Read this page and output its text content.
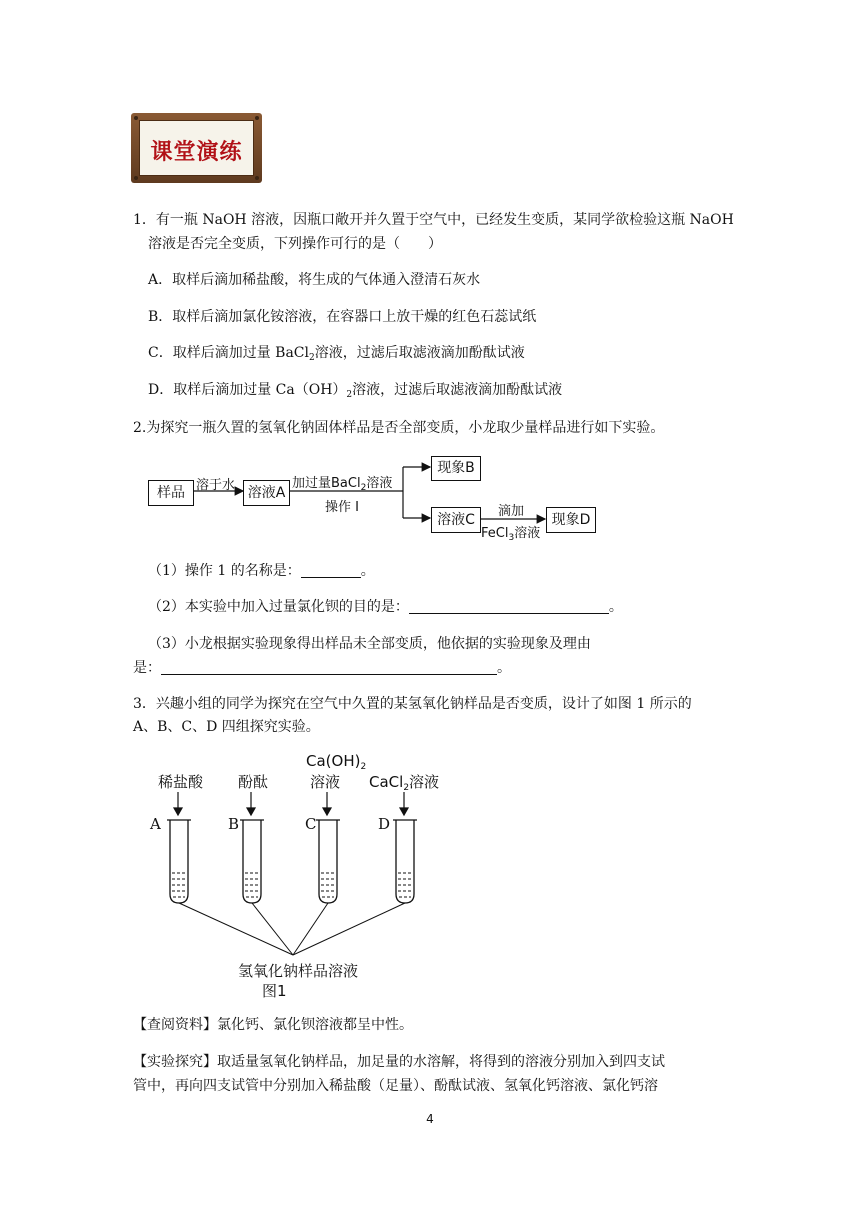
课堂演练
1．有一瓶 NaOH 溶液，因瓶口敞开并久置于空气中，已经发生变质，某同学欲检验这瓶 NaOH
溶液是否完全变质，下列操作可行的是（　　）
A．取样后滴加稀盐酸，将生成的气体通入澄清石灰水
B．取样后滴加氯化铵溶液，在容器口上放干燥的红色石蕊试纸
C．取样后滴加过量 BaCl$_2$溶液，过滤后取滤液滴加酚酞试液
D．取样后滴加过量 $Ca(OH)_2$溶液，过滤后取滤液滴加酚酞试液
2.为探究一瓶久置的氢氧化钠固体样品是否全部变质，小龙取少量样品进行如下实验。
样品 溶于水 溶液A
加过量BaCl$_2$溶液
操作 I
现象B
溶液C
滴加
FeCl$_3$溶液
现象D
（1）操作 1 的名称是：	。
（2）本实验中加入过量氯化钡的目的是：	。
（3）小龙根据实验现象得出样品未全部变质，他依据的实验现象及理由
是：	。
3．兴趣小组的同学为探究在空气中久置的某氢氧化钠样品是否变质，设计了如图 1 所示的
A、B、C、D 四组探究实验。
稀盐酸 酚酞
$Ca(OH)_2$
溶液 CaCl$_2$溶液
A	B	C	D
氢氧化钠样品溶液
图1
【查阅资料】氯化钙、氯化钡溶液都呈中性。
【实验探究】取适量氢氧化钠样品，加足量的水溶解，将得到的溶液分别加入到四支试
管中，再向四支试管中分别加入稀盐酸（足量）、酚酞试液、氢氧化钙溶液、氯化钙溶
4
